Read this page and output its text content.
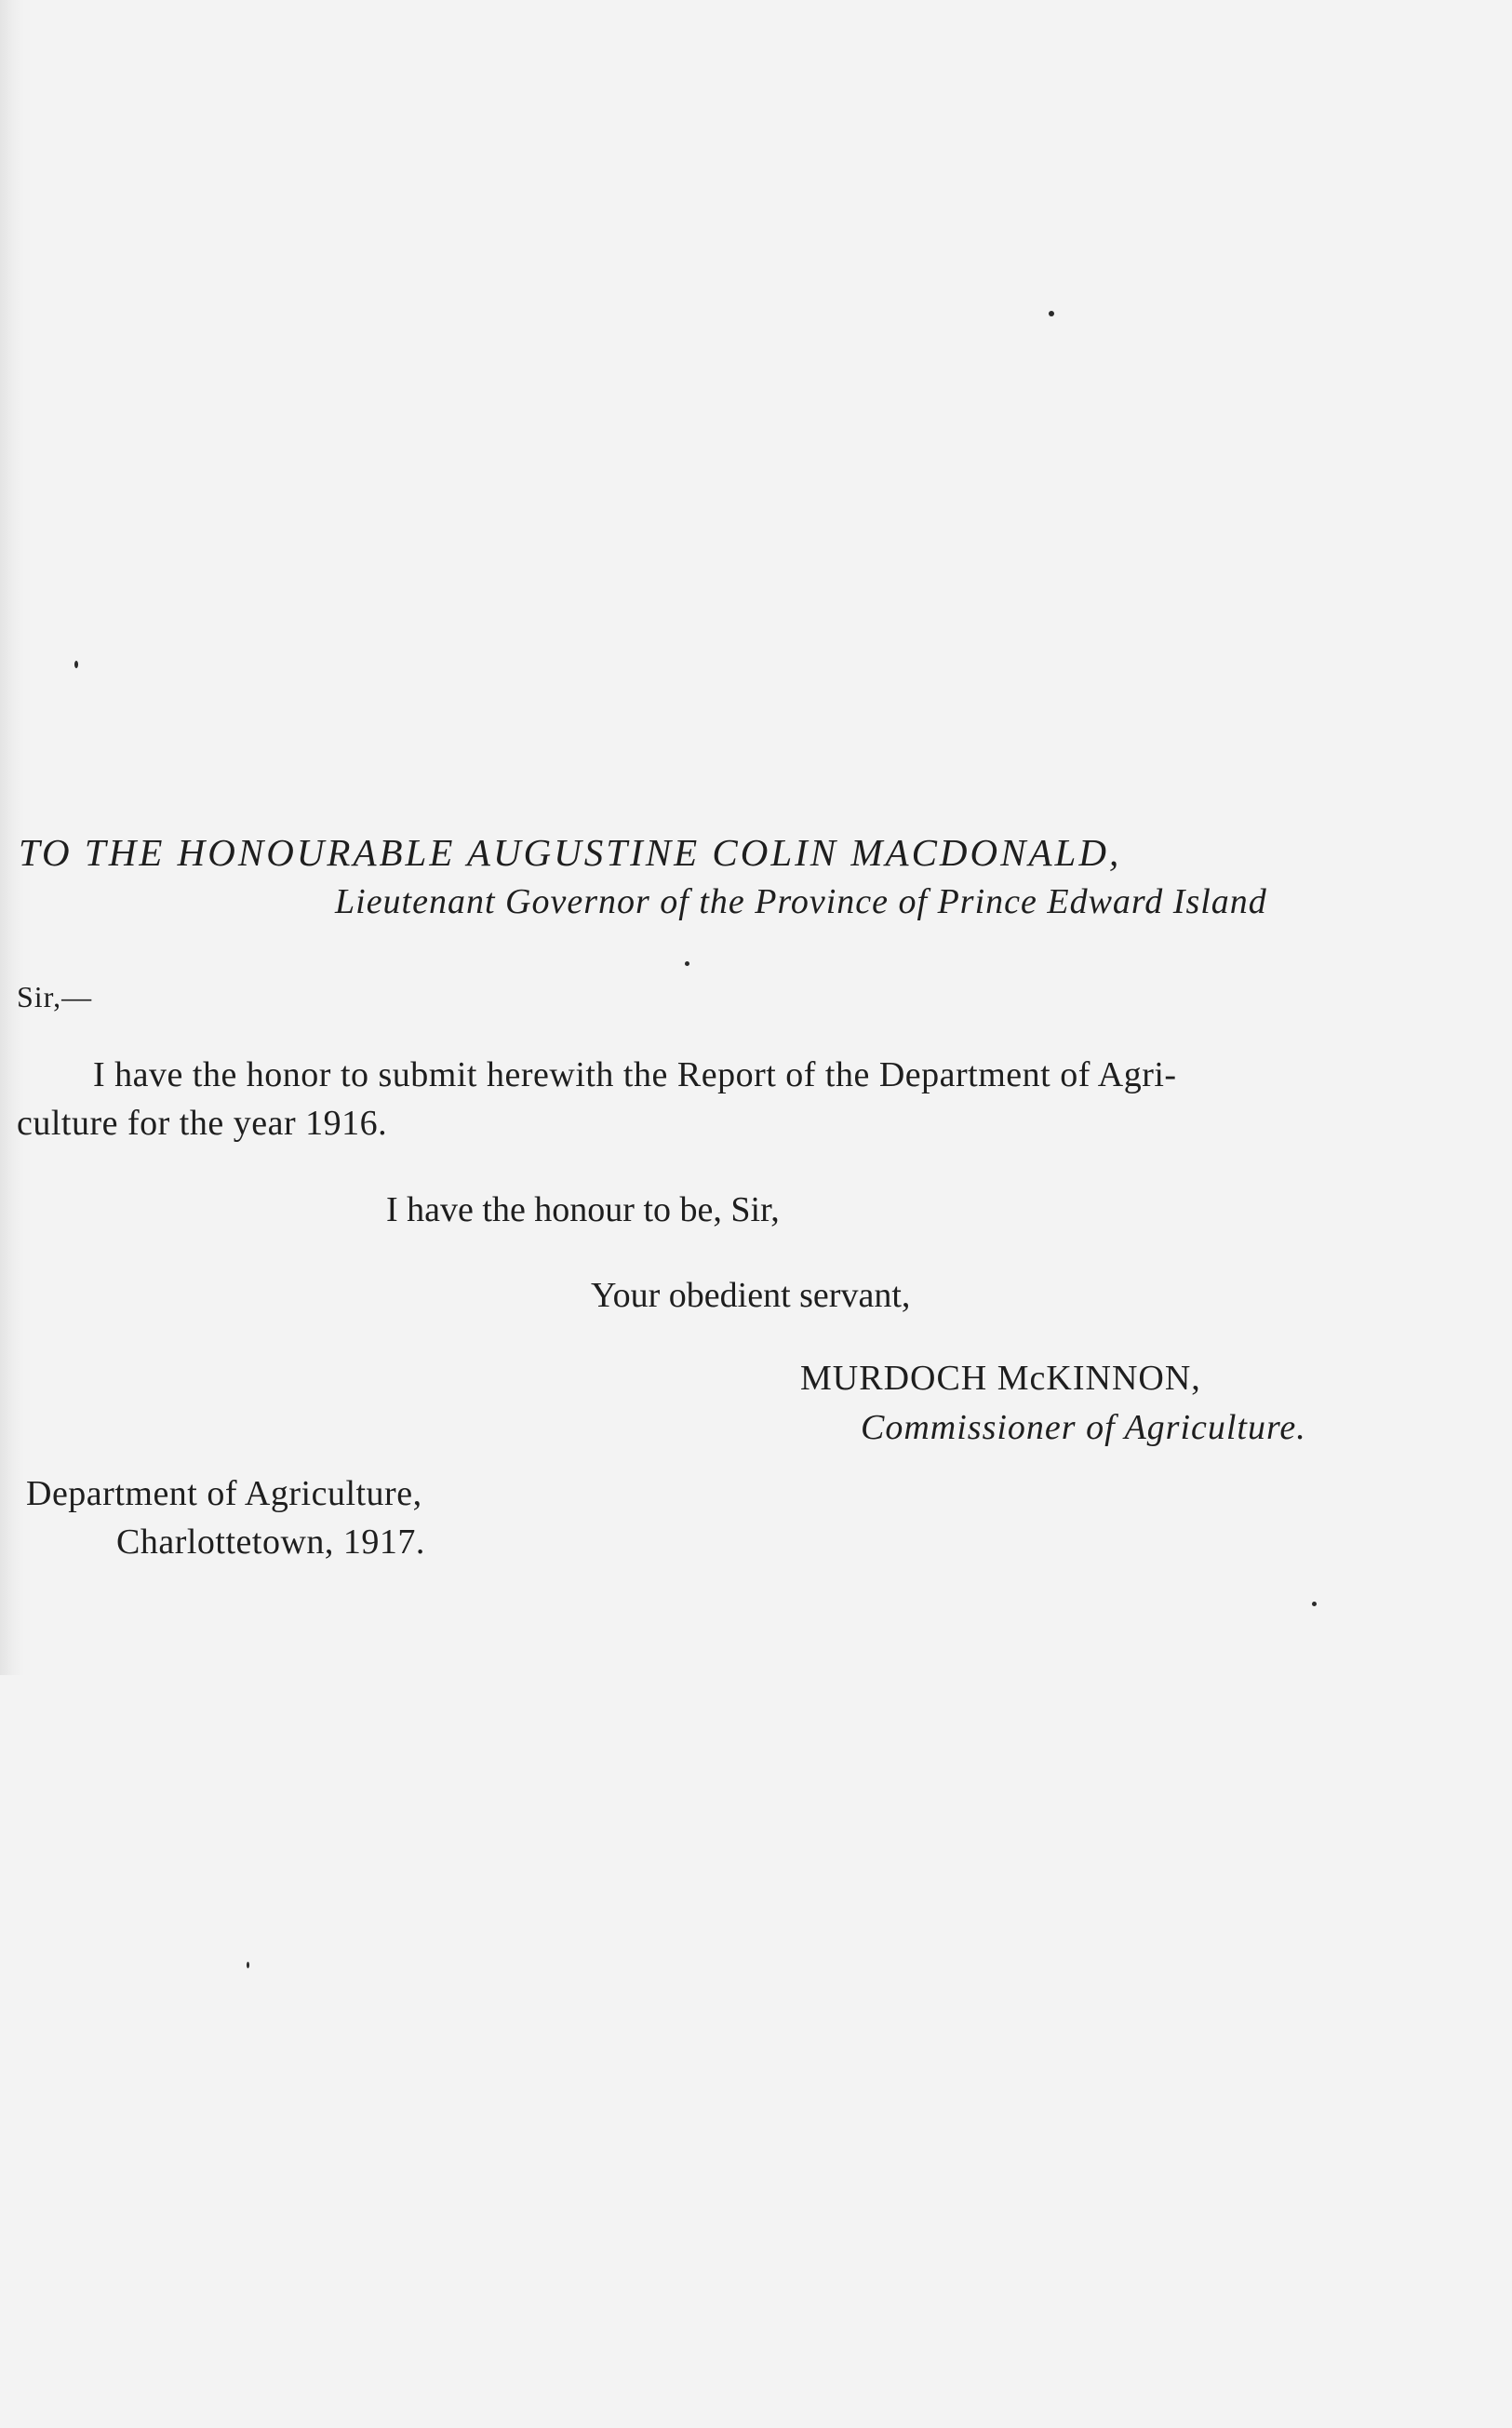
TO THE HONOURABLE AUGUSTINE COLIN MACDONALD,
Lieutenant Governor of the Province of Prince Edward Island
Sir,—
I have the honor to submit herewith the Report of the Department of Agri-
culture for the year 1916.
I have the honour to be, Sir,
Your obedient servant,
MURDOCH McKINNON,
Commissioner of Agriculture.
Department of Agriculture,
Charlottetown, 1917.
